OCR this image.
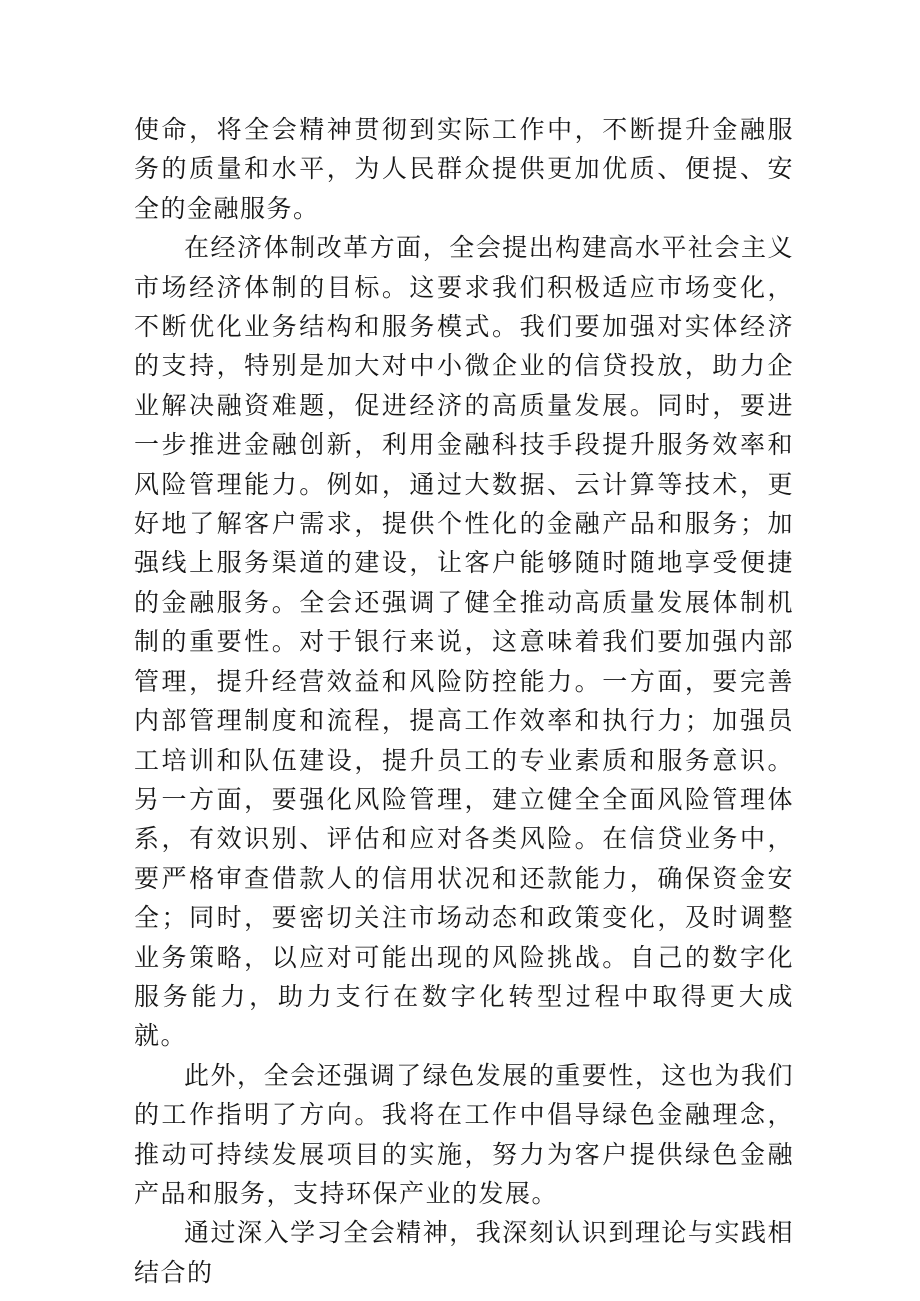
使命，将全会精神贯彻到实际工作中，不断提升金融服务的质量和水平，为人民群众提供更加优质、便提、安全的金融服务。

在经济体制改革方面，全会提出构建高水平社会主义市场经济体制的目标。这要求我们积极适应市场变化，不断优化业务结构和服务模式。我们要加强对实体经济的支持，特别是加大对中小微企业的信贷投放，助力企业解决融资难题，促进经济的高质量发展。同时，要进一步推进金融创新，利用金融科技手段提升服务效率和风险管理能力。例如，通过大数据、云计算等技术，更好地了解客户需求，提供个性化的金融产品和服务；加强线上服务渠道的建设，让客户能够随时随地享受便捷的金融服务。全会还强调了健全推动高质量发展体制机制的重要性。对于银行来说，这意味着我们要加强内部管理，提升经营效益和风险防控能力。一方面，要完善内部管理制度和流程，提高工作效率和执行力；加强员工培训和队伍建设，提升员工的专业素质和服务意识。另一方面，要强化风险管理，建立健全全面风险管理体系，有效识别、评估和应对各类风险。在信贷业务中，要严格审查借款人的信用状况和还款能力，确保资金安全；同时，要密切关注市场动态和政策变化，及时调整业务策略，以应对可能出现的风险挑战。自己的数字化服务能力，助力支行在数字化转型过程中取得更大成就。

此外，全会还强调了绿色发展的重要性，这也为我们的工作指明了方向。我将在工作中倡导绿色金融理念，推动可持续发展项目的实施，努力为客户提供绿色金融产品和服务，支持环保产业的发展。

通过深入学习全会精神，我深刻认识到理论与实践相结合的
